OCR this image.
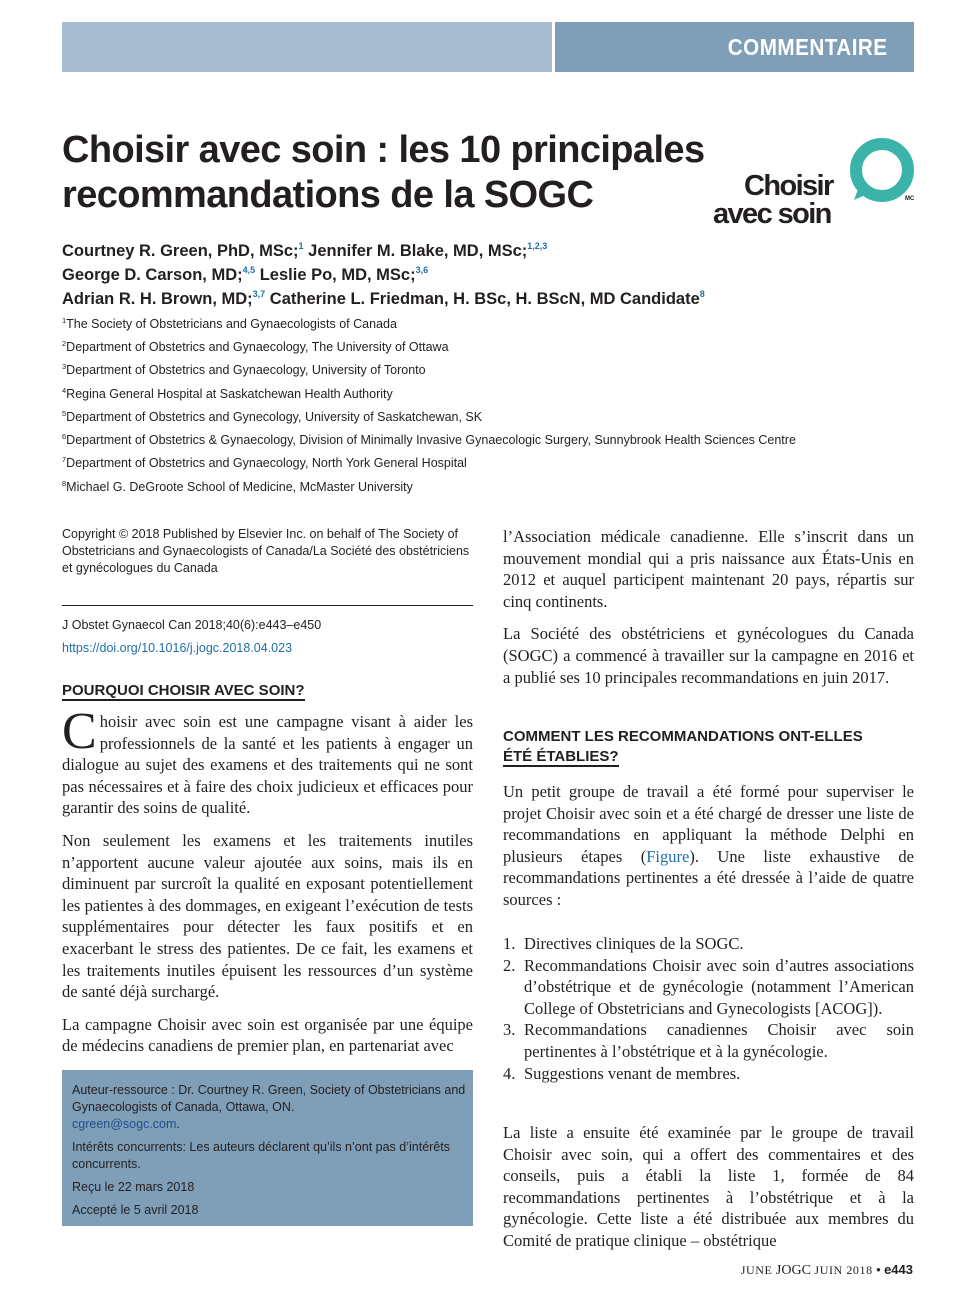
COMMENTAIRE
Choisir avec soin : les 10 principales
recommandations de la SOGC	Choisir
avec soin	MC
Courtney R. Green, PhD, MSc;$^1$ Jennifer M. Blake, MD, MSc;$^{1,2,3}$
George D. Carson, MD;$^{4,5}$ Leslie Po, MD, MSc;$^{3,6}$
Adrian R. H. Brown, MD;$^{3,7}$ Catherine L. Friedman, H. BSc, H. BScN, MD Candidate$^8$
$^1$The Society of Obstetricians and Gynaecologists of Canada
$^2$Department of Obstetrics and Gynaecology, The University of Ottawa
$^3$Department of Obstetrics and Gynaecology, University of Toronto
$^4$Regina General Hospital at Saskatchewan Health Authority
$^5$Department of Obstetrics and Gynecology, University of Saskatchewan, SK
$^6$Department of Obstetrics & Gynaecology, Division of Minimally Invasive Gynaecologic Surgery, Sunnybrook Health Sciences Centre
$^7$Department of Obstetrics and Gynaecology, North York General Hospital
$^8$Michael G. DeGroote School of Medicine, McMaster University
Copyright © 2018 Published by Elsevier Inc. on behalf of The Society of Obstetricians and Gynaecologists of Canada/La Société des obstétriciens et gynécologues du Canada
J Obstet Gynaecol Can 2018;40(6):e443–e450
https://doi.org/10.1016/j.jogc.2018.04.023
POURQUOI CHOISIR AVEC SOIN?

Choisir avec soin est une campagne visant à aider les professionnels de la santé et les patients à engager un dialogue au sujet des examens et des traitements qui ne sont pas nécessaires et à faire des choix judicieux et efficaces pour garantir des soins de qualité.

Non seulement les examens et les traitements inutiles n’apportent aucune valeur ajoutée aux soins, mais ils en diminuent par surcroît la qualité en exposant potentiellement les patientes à des dommages, en exigeant l’exécution de tests supplémentaires pour détecter les faux positifs et en exacerbant le stress des patientes. De ce fait, les examens et les traitements inutiles épuisent les ressources d’un système de santé déjà surchargé.

La campagne Choisir avec soin est organisée par une équipe de médecins canadiens de premier plan, en partenariat avec

Auteur-ressource : Dr. Courtney R. Green, Society of Obstetricians and Gynaecologists of Canada, Ottawa, ON.
cgreen@sogc.com.

Intérêts concurrents: Les auteurs déclarent qu’ils n’ont pas d’intérêts concurrents.

Reçu le 22 mars 2018

Accepté le 5 avril 2018

l’Association médicale canadienne. Elle s’inscrit dans un mouvement mondial qui a pris naissance aux États-Unis en 2012 et auquel participent maintenant 20 pays, répartis sur cinq continents.

La Société des obstétriciens et gynécologues du Canada (SOGC) a commencé à travailler sur la campagne en 2016 et a publié ses 10 principales recommandations en juin 2017.

COMMENT LES RECOMMANDATIONS ONT-ELLES
ÉTÉ ÉTABLIES?

Un petit groupe de travail a été formé pour superviser le projet Choisir avec soin et a été chargé de dresser une liste de recommandations en appliquant la méthode Delphi en plusieurs étapes (Figure). Une liste exhaustive de recommandations pertinentes a été dressée à l’aide de quatre sources :

1. Directives cliniques de la SOGC.
2. Recommandations Choisir avec soin d’autres associations d’obstétrique et de gynécologie (notamment l’American College of Obstetricians and Gynecologists [ACOG]).
3. Recommandations canadiennes Choisir avec soin pertinentes à l’obstétrique et à la gynécologie.
4. Suggestions venant de membres.

La liste a ensuite été examinée par le groupe de travail Choisir avec soin, qui a offert des commentaires et des conseils, puis a établi la liste 1, formée de 84 recommandations pertinentes à l’obstétrique et à la gynécologie. Cette liste a été distribuée aux membres du Comité de pratique clinique – obstétrique

JUNE JOGC JUIN 2018 • e443
